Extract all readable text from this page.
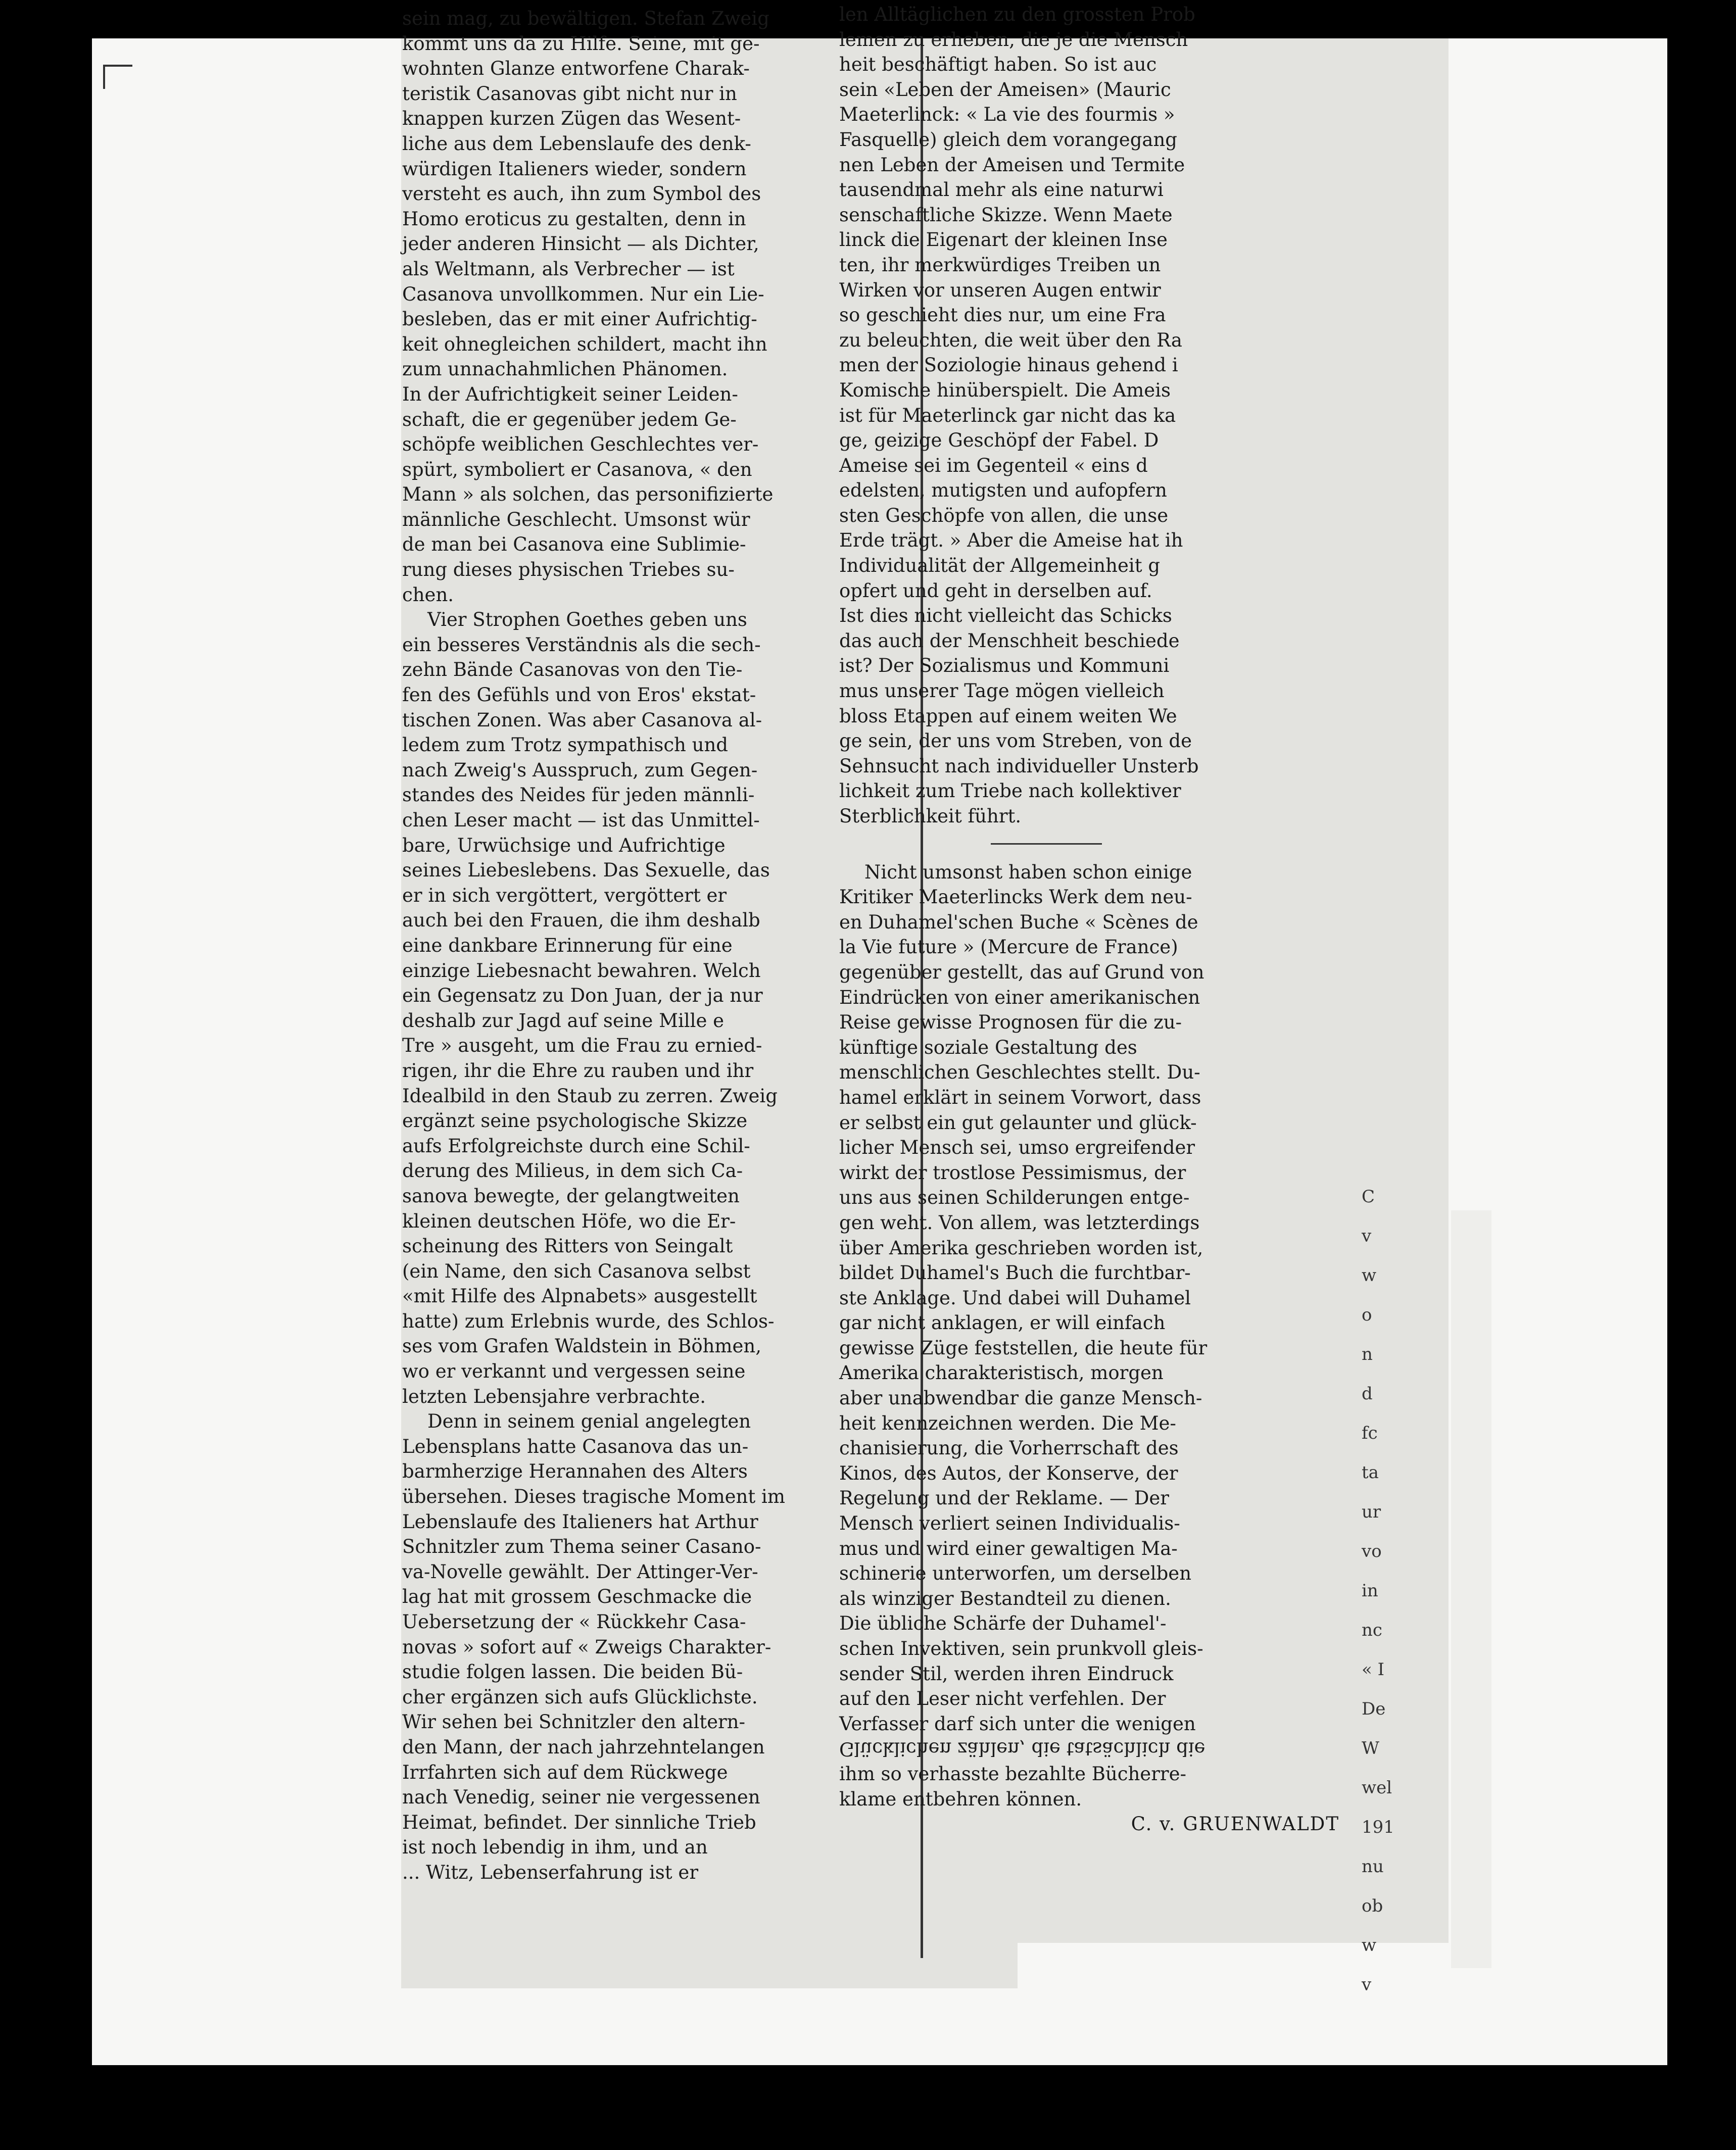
sein mag, zu bewältigen. Stefan Zweig
kommt uns da zu Hilfe. Seine, mit ge-
wohnten Glanze entworfene Charak-
teristik Casanovas gibt nicht nur in
knappen kurzen Zügen das Wesent-
liche aus dem Lebenslaufe des denk-
würdigen Italieners wieder, sondern
versteht es auch, ihn zum Symbol des
Homo eroticus zu gestalten, denn in
jeder anderen Hinsicht — als Dichter,
als Weltmann, als Verbrecher — ist
Casanova unvollkommen. Nur ein Lie-
besleben, das er mit einer Aufrichtig-
keit ohnegleichen schildert, macht ihn
zum unnachahmlichen Phänomen.
In der Aufrichtigkeit seiner Leiden-
schaft, die er gegenüber jedem Ge-
schöpfe weiblichen Geschlechtes ver-
spürt, symboliert er Casanova, « den
Mann » als solchen, das personifizierte
männliche Geschlecht. Umsonst wür
de man bei Casanova eine Sublimie-
rung dieses physischen Triebes su-
chen.
Vier Strophen Goethes geben uns
ein besseres Verständnis als die sech-
zehn Bände Casanovas von den Tie-
fen des Gefühls und von Eros' ekstat-
tischen Zonen. Was aber Casanova al-
ledem zum Trotz sympathisch und
nach Zweig's Ausspruch, zum Gegen-
standes des Neides für jeden männli-
chen Leser macht — ist das Unmittel-
bare, Urwüchsige und Aufrichtige
seines Liebeslebens. Das Sexuelle, das
er in sich vergöttert, vergöttert er
auch bei den Frauen, die ihm deshalb
eine dankbare Erinnerung für eine
einzige Liebesnacht bewahren. Welch
ein Gegensatz zu Don Juan, der ja nur
deshalb zur Jagd auf seine Mille e
Tre » ausgeht, um die Frau zu ernied-
rigen, ihr die Ehre zu rauben und ihr
Idealbild in den Staub zu zerren. Zweig
ergänzt seine psychologische Skizze
aufs Erfolgreichste durch eine Schil-
derung des Milieus, in dem sich Ca-
sanova bewegte, der gelangtweiten
kleinen deutschen Höfe, wo die Er-
scheinung des Ritters von Seingalt
(ein Name, den sich Casanova selbst
«mit Hilfe des Alpnabets» ausgestellt
hatte) zum Erlebnis wurde, des Schlos-
ses vom Grafen Waldstein in Böhmen,
wo er verkannt und vergessen seine
letzten Lebensjahre verbrachte.
Denn in seinem genial angelegten
Lebensplans hatte Casanova das un-
barmherzige Herannahen des Alters
übersehen. Dieses tragische Moment im
Lebenslaufe des Italieners hat Arthur
Schnitzler zum Thema seiner Casano-
va-Novelle gewählt. Der Attinger-Ver-
lag hat mit grossem Geschmacke die
Uebersetzung der « Rückkehr Casa-
novas » sofort auf « Zweigs Charakter-
studie folgen lassen. Die beiden Bü-
cher ergänzen sich aufs Glücklichste.
Wir sehen bei Schnitzler den altern-
den Mann, der nach jahrzehntelangen
Irrfahrten sich auf dem Rückwege
nach Venedig, seiner nie vergessenen
Heimat, befindet. Der sinnliche Trieb
ist noch lebendig in ihm, und an
... Witz, Lebenserfahrung ist er
len Alltäglichen zu den grossten Prob
lemen zu erheben, die je die Mensch
heit beschäftigt haben. So ist auc
sein «Leben der Ameisen» (Mauric
Maeterlinck: « La vie des fourmis »
Fasquelle) gleich dem vorangegang
nen Leben der Ameisen und Termite
tausendmal mehr als eine naturwi
senschaftliche Skizze. Wenn Maete
linck die Eigenart der kleinen Inse
ten, ihr merkwürdiges Treiben un
Wirken vor unseren Augen entwir
so geschieht dies nur, um eine Fra
zu beleuchten, die weit über den Ra
men der Soziologie hinaus gehend i
Komische hinüberspielt. Die Ameis
ist für Maeterlinck gar nicht das ka
ge, geizige Geschöpf der Fabel. D
Ameise sei im Gegenteil « eins d
edelsten, mutigsten und aufopfern
sten Geschöpfe von allen, die unse
Erde trägt. » Aber die Ameise hat ih
Individualität der Allgemeinheit g
opfert und geht in derselben auf.
Ist dies nicht vielleicht das Schicks
das auch der Menschheit beschiede
ist? Der Sozialismus und Kommuni
mus unserer Tage mögen vielleich
bloss Etappen auf einem weiten We
ge sein, der uns vom Streben, von de
Sehnsucht nach individueller Unsterb
lichkeit zum Triebe nach kollektiver
Sterblichkeit führt.
Nicht umsonst haben schon einige
Kritiker Maeterlincks Werk dem neu-
en Duhamel'schen Buche « Scènes de
la Vie future » (Mercure de France)
gegenüber gestellt, das auf Grund von
Eindrücken von einer amerikanischen
Reise gewisse Prognosen für die zu-
künftige soziale Gestaltung des
menschlichen Geschlechtes stellt. Du-
hamel erklärt in seinem Vorwort, dass
er selbst ein gut gelaunter und glück-
licher Mensch sei, umso ergreifender
wirkt der trostlose Pessimismus, der
uns aus seinen Schilderungen entge-
gen weht. Von allem, was letzterdings
über Amerika geschrieben worden ist,
bildet Duhamel's Buch die furchtbar-
ste Anklage. Und dabei will Duhamel
gar nicht anklagen, er will einfach
gewisse Züge feststellen, die heute für
Amerika charakteristisch, morgen
aber unabwendbar die ganze Mensch-
heit kennzeichnen werden. Die Me-
chanisierung, die Vorherrschaft des
Kinos, des Autos, der Konserve, der
Regelung und der Reklame. — Der
Mensch verliert seinen Individualis-
mus und wird einer gewaltigen Ma-
schinerie unterworfen, um derselben
als winziger Bestandteil zu dienen.
Die übliche Schärfe der Duhamel'-
schen Invektiven, sein prunkvoll gleis-
sender Stil, werden ihren Eindruck
auf den Leser nicht verfehlen. Der
Verfasser darf sich unter die wenigen
Glücklichen zählen, die tatsächlich die
ihm so verhasste bezahlte Bücherre-
klame entbehren können.
C. v. GRUENWALDT
C
v
w
o
n
d
fc
ta
ur
vo
in
nc
« I
De
W
wel
191
nu
ob
w
v
